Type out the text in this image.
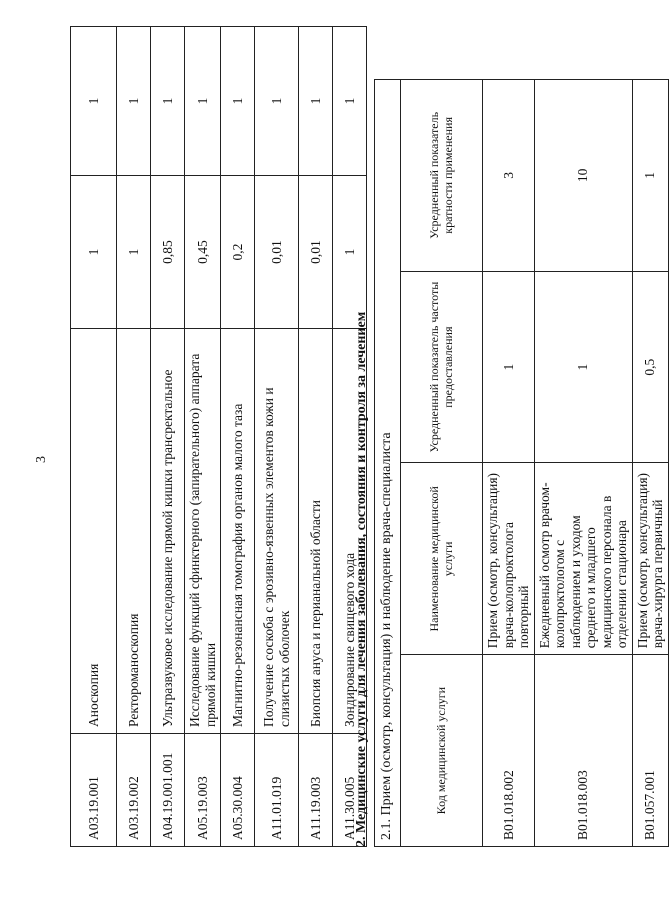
3
A03.19.001	Аноскопия	1	1
A03.19.002	Ректороманоскопия	1	1
A04.19.001.001	Ультразвуковое исследование прямой кишки трансректальное	0,85	1
A05.19.003	Исследование функций сфинктерного (запирательного) аппарата прямой кишки	0,45	1
A05.30.004	Магнитно-резонансная томография органов малого таза	0,2	1
A11.01.019	Получение соскоба с эрозивно-язвенных элементов кожи и слизистых оболочек	0,01	1
A11.19.003	Биопсия ануса и перианальной области	0,01	1
A11.30.005	Зондирование свищевого хода	1	1
2. Медицинские услуги для лечения заболевания, состояния и контроля за лечением 2.1. Прием (осмотр, консультация) и наблюдение врача-специалиста			
Код медицинской услуги	Наименование медицинской услуги	Усредненный показатель частоты предоставления	Усредненный показатель кратности применения
B01.018.002	Прием (осмотр, консультация) врача-колопроктолога повторный	1	3
B01.018.003	Ежедневный осмотр врачом-колопроктологом с наблюдением и уходом среднего и младшего медицинского персонала в отделении стационара	1	10
B01.057.001	Прием (осмотр, консультация) врача-хирурга первичный	0,5	1
